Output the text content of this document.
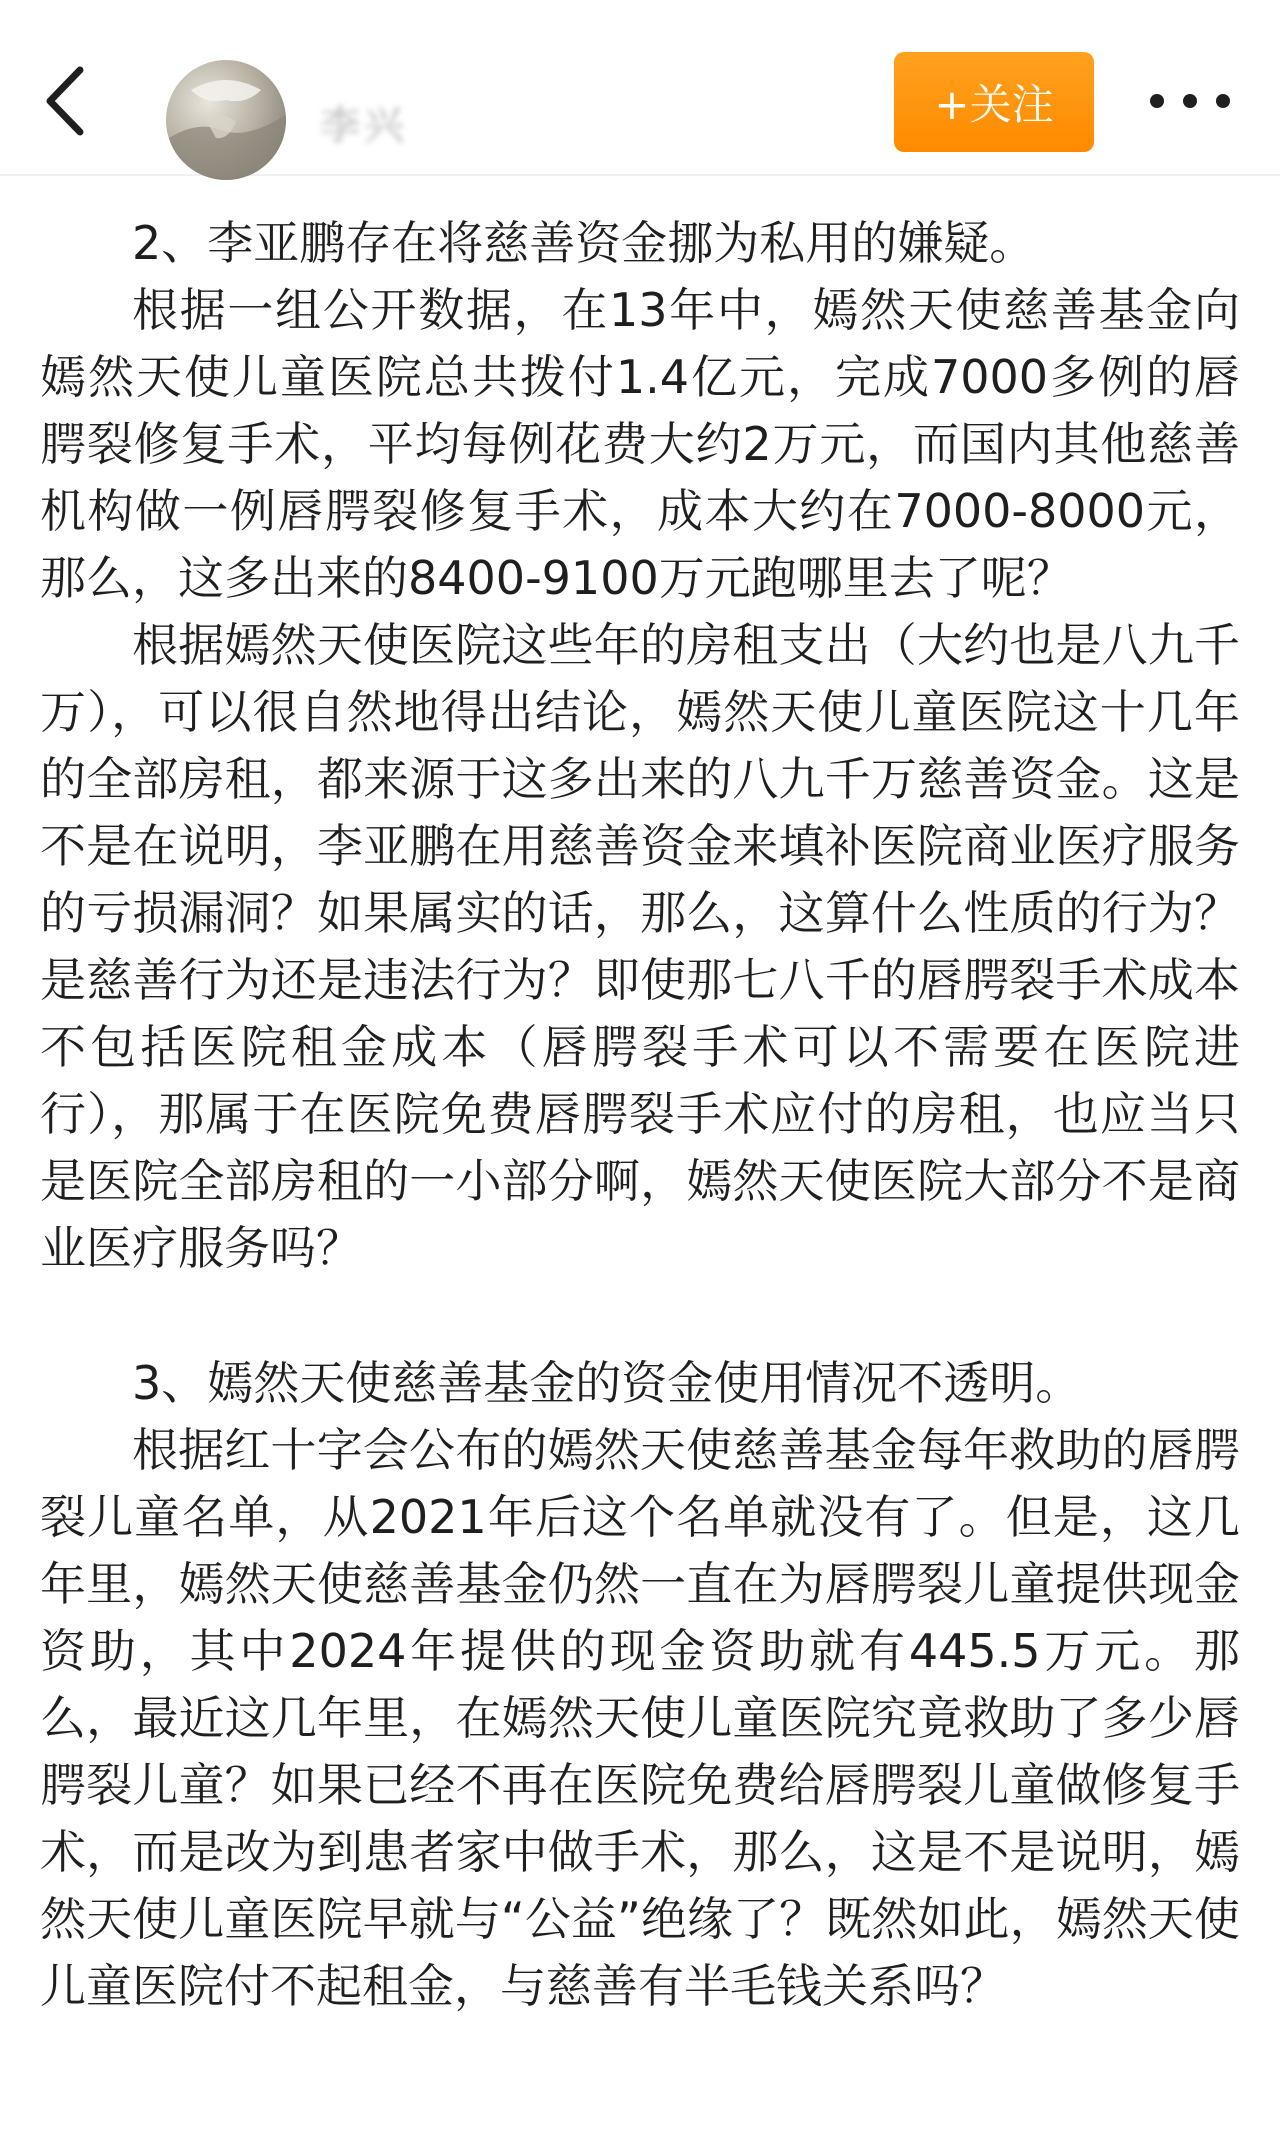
李兴	+关注

2、李亚鹏存在将慈善资金挪为私用的嫌疑。

根据一组公开数据，在13年中，嫣然天使慈善基金向嫣然天使儿童医院总共拨付1.4亿元，完成7000多例的唇腭裂修复手术，平均每例花费大约2万元，而国内其他慈善机构做一例唇腭裂修复手术，成本大约在7000-8000元，那么，这多出来的8400-9100万元跑哪里去了呢？

根据嫣然天使医院这些年的房租支出（大约也是八九千万），可以很自然地得出结论，嫣然天使儿童医院这十几年的全部房租，都来源于这多出来的八九千万慈善资金。这是不是在说明，李亚鹏在用慈善资金来填补医院商业医疗服务的亏损漏洞？如果属实的话，那么，这算什么性质的行为？是慈善行为还是违法行为？即使那七八千的唇腭裂手术成本不包括医院租金成本（唇腭裂手术可以不需要在医院进行），那属于在医院免费唇腭裂手术应付的房租，也应当只是医院全部房租的一小部分啊，嫣然天使医院大部分不是商业医疗服务吗？

3、嫣然天使慈善基金的资金使用情况不透明。

根据红十字会公布的嫣然天使慈善基金每年救助的唇腭裂儿童名单，从2021年后这个名单就没有了。但是，这几年里，嫣然天使慈善基金仍然一直在为唇腭裂儿童提供现金资助，其中2024年提供的现金资助就有445.5万元。那么，最近这几年里，在嫣然天使儿童医院究竟救助了多少唇腭裂儿童？如果已经不再在医院免费给唇腭裂儿童做修复手术，而是改为到患者家中做手术，那么，这是不是说明，嫣然天使儿童医院早就与“公益”绝缘了？既然如此，嫣然天使儿童医院付不起租金，与慈善有半毛钱关系吗？
